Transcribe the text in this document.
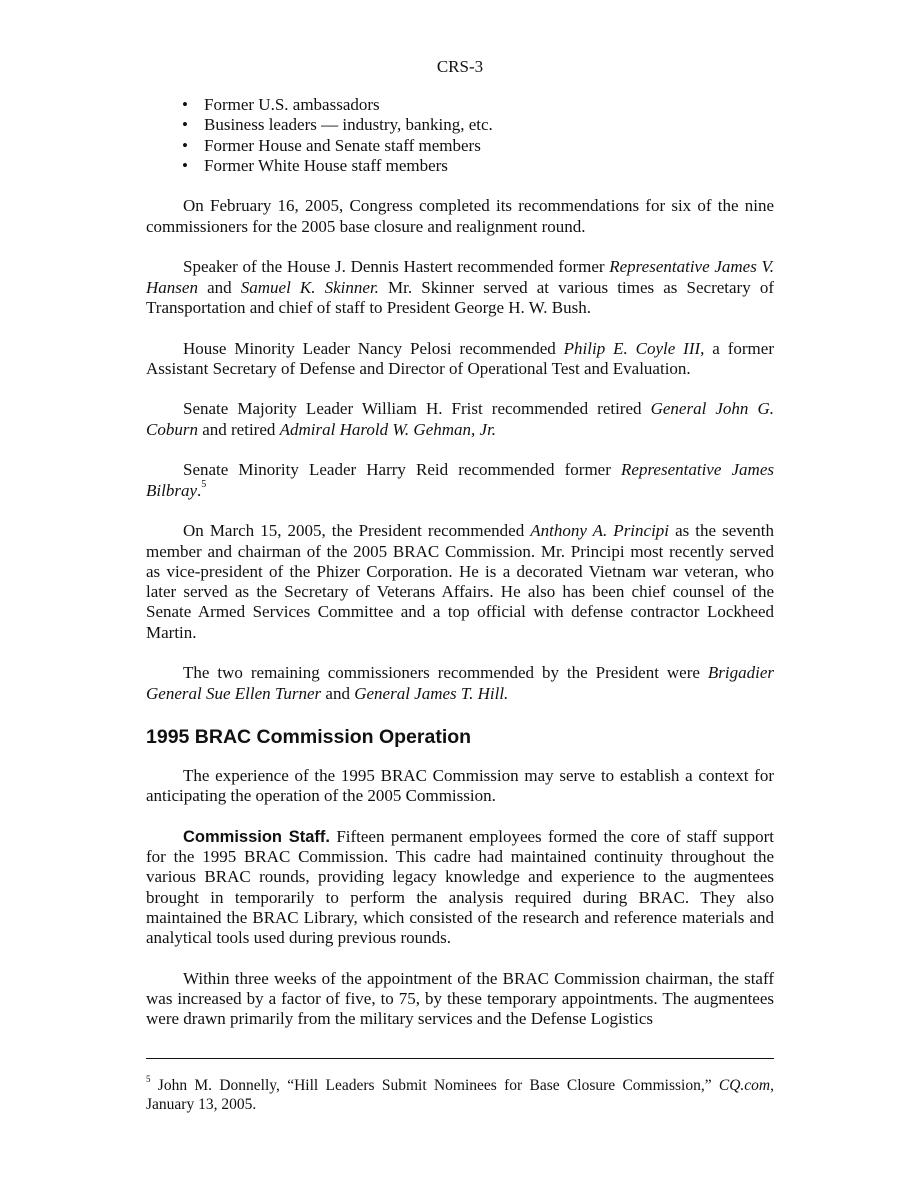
CRS-3
• Former U.S. ambassadors
• Business leaders — industry, banking, etc.
• Former House and Senate staff members
• Former White House staff members

On February 16, 2005, Congress completed its recommendations for six of the nine commissioners for the 2005 base closure and realignment round.

Speaker of the House J. Dennis Hastert recommended former Representative James V. Hansen and Samuel K. Skinner. Mr. Skinner served at various times as Secretary of Transportation and chief of staff to President George H. W. Bush.

House Minority Leader Nancy Pelosi recommended Philip E. Coyle III, a former Assistant Secretary of Defense and Director of Operational Test and Evaluation.

Senate Majority Leader William H. Frist recommended retired General John G. Coburn and retired Admiral Harold W. Gehman, Jr.

Senate Minority Leader Harry Reid recommended former Representative James Bilbray.$^5$

On March 15, 2005, the President recommended Anthony A. Principi as the seventh member and chairman of the 2005 BRAC Commission. Mr. Principi most recently served as vice-president of the Phizer Corporation. He is a decorated Vietnam war veteran, who later served as the Secretary of Veterans Affairs. He also has been chief counsel of the Senate Armed Services Committee and a top official with defense contractor Lockheed Martin.

The two remaining commissioners recommended by the President were Brigadier General Sue Ellen Turner and General James T. Hill.

1995 BRAC Commission Operation

The experience of the 1995 BRAC Commission may serve to establish a context for anticipating the operation of the 2005 Commission.

Commission Staff. Fifteen permanent employees formed the core of staff support for the 1995 BRAC Commission. This cadre had maintained continuity throughout the various BRAC rounds, providing legacy knowledge and experience to the augmentees brought in temporarily to perform the analysis required during BRAC. They also maintained the BRAC Library, which consisted of the research and reference materials and analytical tools used during previous rounds.

Within three weeks of the appointment of the BRAC Commission chairman, the staff was increased by a factor of five, to 75, by these temporary appointments. The augmentees were drawn primarily from the military services and the Defense Logistics

$^5$ John M. Donnelly, “Hill Leaders Submit Nominees for Base Closure Commission,” CQ.com, January 13, 2005.
